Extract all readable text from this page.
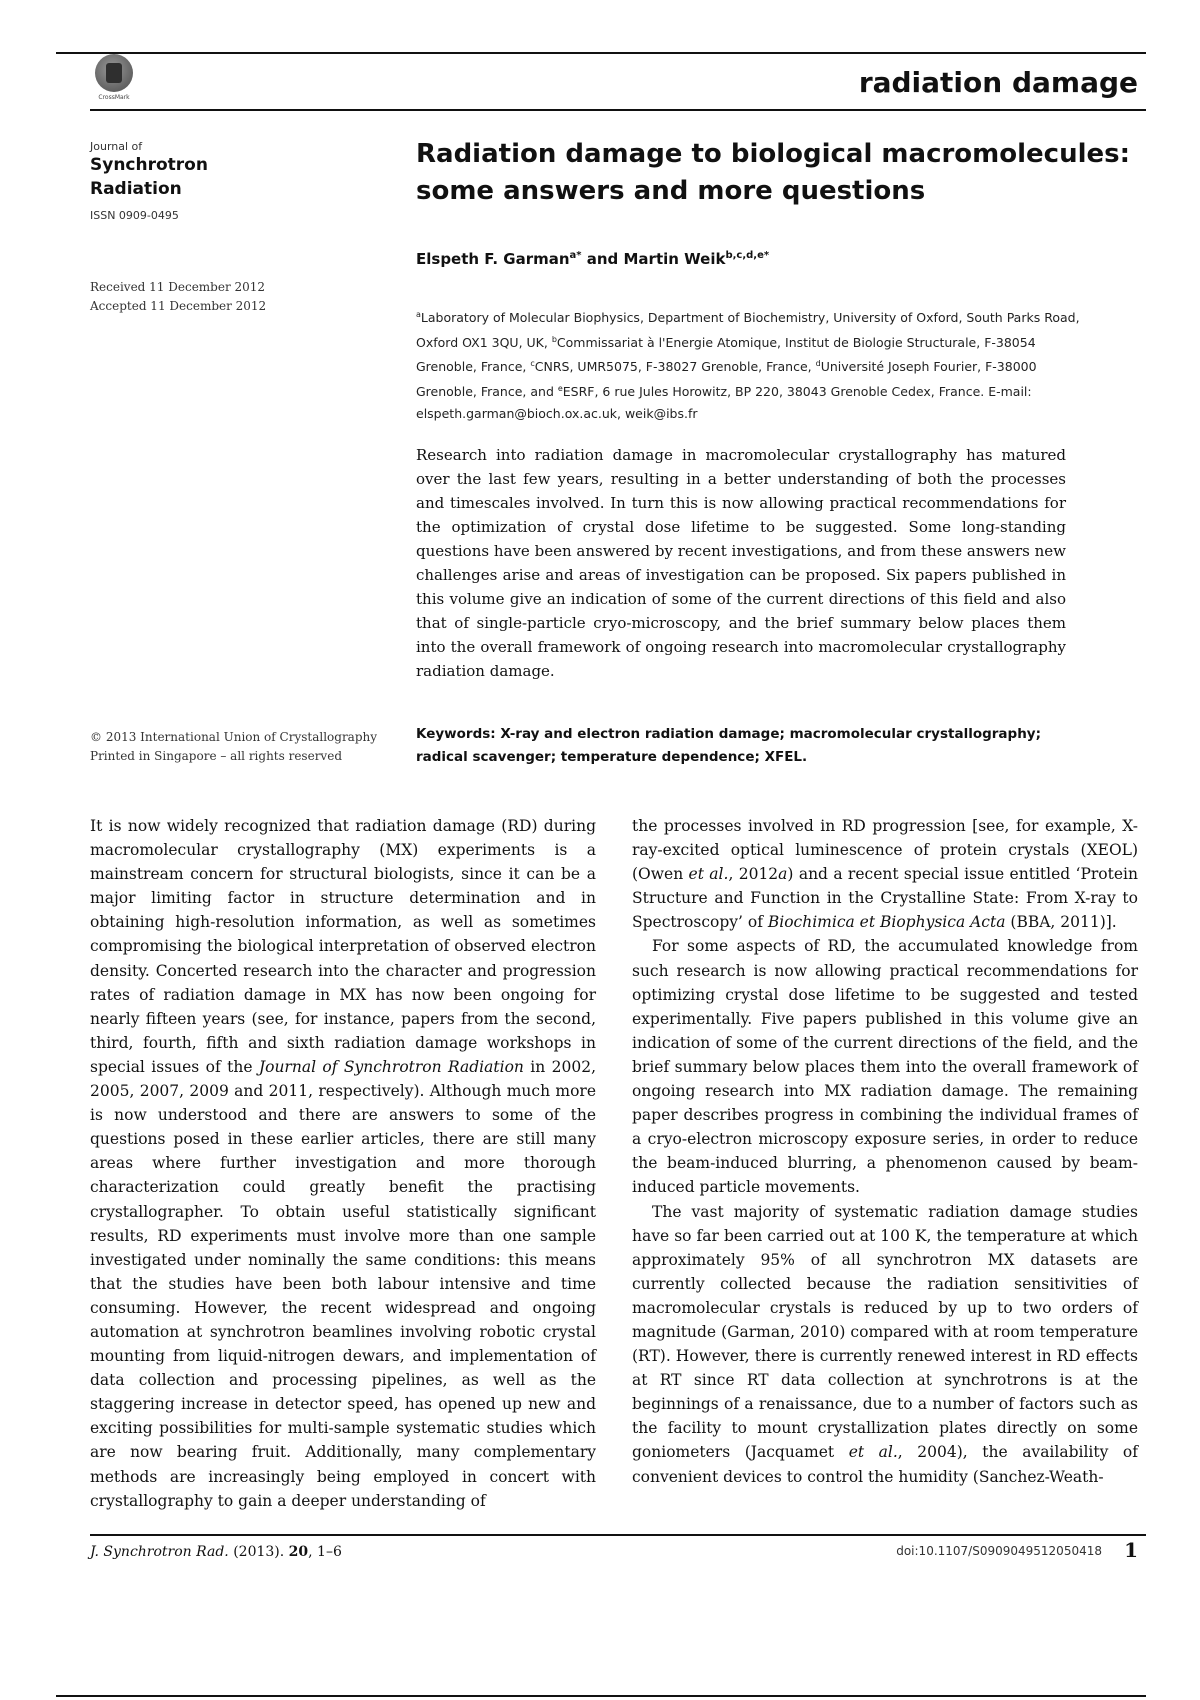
CrossMark	radiation damage
Journal of
Synchrotron
Radiation
ISSN 0909-0495
Received 11 December 2012
Accepted 11 December 2012
© 2013 International Union of Crystallography
Printed in Singapore – all rights reserved
Radiation damage to biological macromolecules:
some answers and more questions
Elspeth F. Garman$^{a*}$ and Martin Weik$^{b,c,d,e*}$
$^a$Laboratory of Molecular Biophysics, Department of Biochemistry, University of Oxford, South Parks Road, Oxford OX1 3QU, UK, $^b$Commissariat à l'Energie Atomique, Institut de Biologie Structurale, F-38054 Grenoble, France, $^c$CNRS, UMR5075, F-38027 Grenoble, France, $^d$Université Joseph Fourier, F-38000 Grenoble, France, and $^e$ESRF, 6 rue Jules Horowitz, BP 220, 38043 Grenoble Cedex, France. E-mail: elspeth.garman@bioch.ox.ac.uk, weik@ibs.fr
Research into radiation damage in macromolecular crystallography has matured over the last few years, resulting in a better understanding of both the processes and timescales involved. In turn this is now allowing practical recommendations for the optimization of crystal dose lifetime to be suggested. Some long-standing questions have been answered by recent investigations, and from these answers new challenges arise and areas of investigation can be proposed. Six papers published in this volume give an indication of some of the current directions of this field and also that of single-particle cryo-microscopy, and the brief summary below places them into the overall framework of ongoing research into macromolecular crystallography radiation damage.
Keywords: X-ray and electron radiation damage; macromolecular crystallography; radical scavenger; temperature dependence; XFEL.

It is now widely recognized that radiation damage (RD) during macromolecular crystallography (MX) experiments is a mainstream concern for structural biologists, since it can be a major limiting factor in structure determination and in obtaining high-resolution information, as well as sometimes compromising the biological interpretation of observed electron density. Concerted research into the character and progression rates of radiation damage in MX has now been ongoing for nearly fifteen years (see, for instance, papers from the second, third, fourth, fifth and sixth radiation damage workshops in special issues of the Journal of Synchrotron Radiation in 2002, 2005, 2007, 2009 and 2011, respectively). Although much more is now understood and there are answers to some of the questions posed in these earlier articles, there are still many areas where further investigation and more thorough characterization could greatly benefit the practising crystallographer. To obtain useful statistically significant results, RD experiments must involve more than one sample investigated under nominally the same conditions: this means that the studies have been both labour intensive and time consuming. However, the recent widespread and ongoing automation at synchrotron beamlines involving robotic crystal mounting from liquid-nitrogen dewars, and implementation of data collection and processing pipelines, as well as the staggering increase in detector speed, has opened up new and exciting possibilities for multi-sample systematic studies which are now bearing fruit. Additionally, many complementary methods are increasingly being employed in concert with crystallography to gain a deeper understanding of

the processes involved in RD progression [see, for example, X-ray-excited optical luminescence of protein crystals (XEOL) (Owen et al., 2012a) and a recent special issue entitled ‘Protein Structure and Function in the Crystalline State: From X-ray to Spectroscopy’ of Biochimica et Biophysica Acta (BBA, 2011)].

For some aspects of RD, the accumulated knowledge from such research is now allowing practical recommendations for optimizing crystal dose lifetime to be suggested and tested experimentally. Five papers published in this volume give an indication of some of the current directions of the field, and the brief summary below places them into the overall framework of ongoing research into MX radiation damage. The remaining paper describes progress in combining the individual frames of a cryo-electron microscopy exposure series, in order to reduce the beam-induced blurring, a phenomenon caused by beam-induced particle movements.

The vast majority of systematic radiation damage studies have so far been carried out at 100 K, the temperature at which approximately 95% of all synchrotron MX datasets are currently collected because the radiation sensitivities of macromolecular crystals is reduced by up to two orders of magnitude (Garman, 2010) compared with at room temperature (RT). However, there is currently renewed interest in RD effects at RT since RT data collection at synchrotrons is at the beginnings of a renaissance, due to a number of factors such as the facility to mount crystallization plates directly on some goniometers (Jacquamet et al., 2004), the availability of convenient devices to control the humidity (Sanchez-Weath-

J. Synchrotron Rad. (2013). 20, 1–6	doi:10.1107/S0909049512050418 1
